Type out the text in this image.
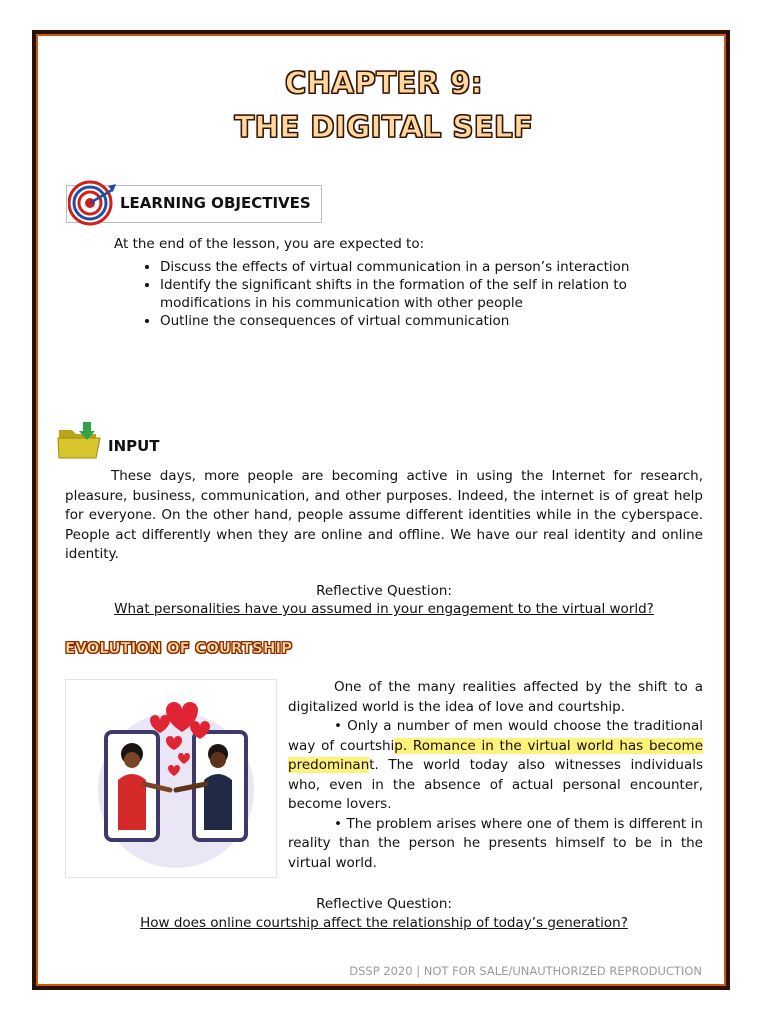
CHAPTER 9:
THE DIGITAL SELF
LEARNING OBJECTIVES
At the end of the lesson, you are expected to:
• Discuss the effects of virtual communication in a person’s interaction
• Identify the significant shifts in the formation of the self in relation to modifications in his communication with other people
• Outline the consequences of virtual communication
INPUT

These days, more people are becoming active in using the Internet for research, pleasure, business, communication, and other purposes. Indeed, the internet is of great help for everyone. On the other hand, people assume different identities while in the cyberspace. People act differently when they are online and offline. We have our real identity and online identity.

Reflective Question:
What personalities have you assumed in your engagement to the virtual world?
EVOLUTION OF COURTSHIP

One of the many realities affected by the shift to a digitalized world is the idea of love and courtship.

• Only a number of men would choose the traditional way of courtship. Romance in the virtual world has become predominant. The world today also witnesses individuals who, even in the absence of actual personal encounter, become lovers.

• The problem arises where one of them is different in reality than the person he presents himself to be in the virtual world.

Reflective Question:
How does online courtship affect the relationship of today’s generation?
DSSP 2020 | NOT FOR SALE/UNAUTHORIZED REPRODUCTION
